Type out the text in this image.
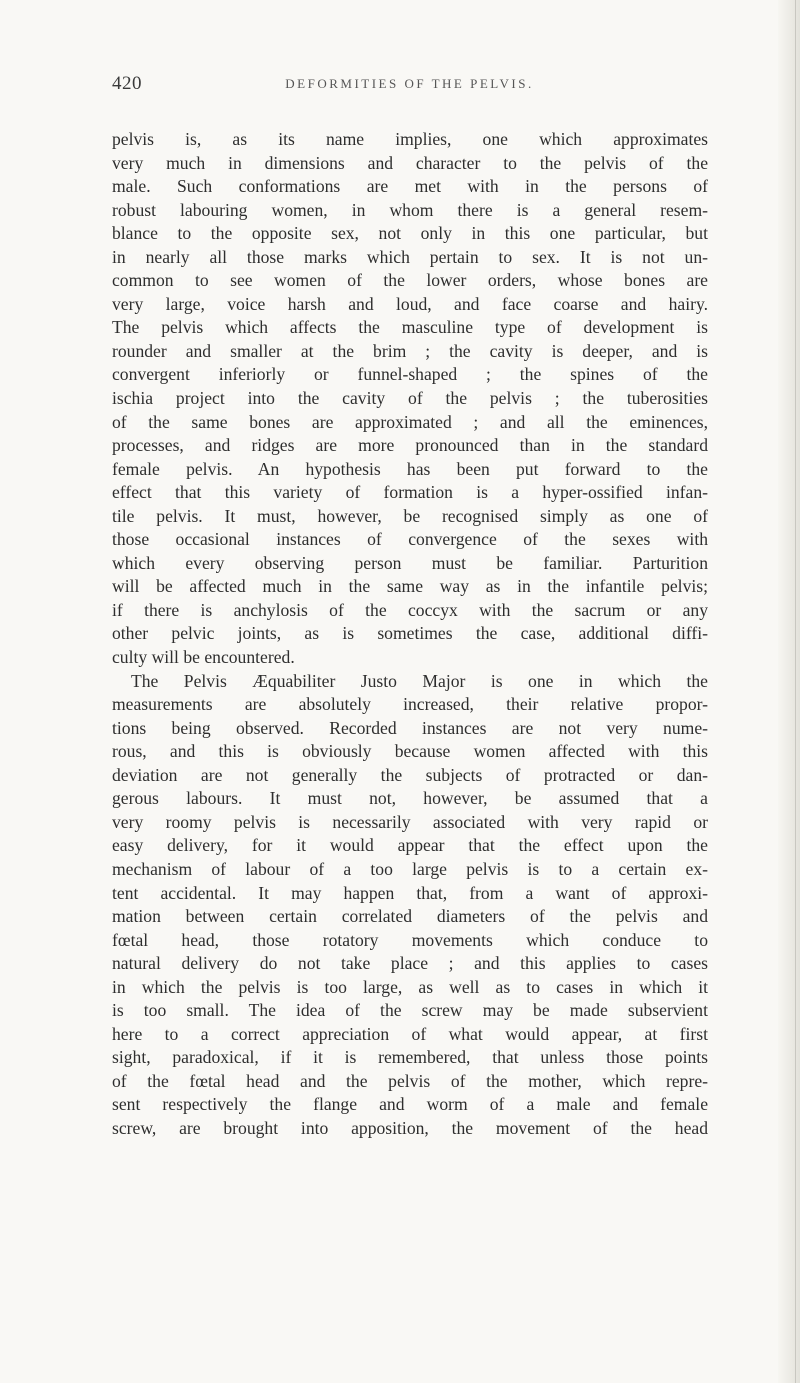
420	DEFORMITIES OF THE PELVIS.
pelvis is, as its name implies, one which approximates
very much in dimensions and character to the pelvis of the
male. Such conformations are met with in the persons of
robust labouring women, in whom there is a general resem-
blance to the opposite sex, not only in this one particular, but
in nearly all those marks which pertain to sex. It is not un-
common to see women of the lower orders, whose bones are
very large, voice harsh and loud, and face coarse and hairy.
The pelvis which affects the masculine type of development is
rounder and smaller at the brim ; the cavity is deeper, and is
convergent inferiorly or funnel-shaped ; the spines of the
ischia project into the cavity of the pelvis ; the tuberosities
of the same bones are approximated ; and all the eminences,
processes, and ridges are more pronounced than in the standard
female pelvis. An hypothesis has been put forward to the
effect that this variety of formation is a hyper-ossified infan-
tile pelvis. It must, however, be recognised simply as one of
those occasional instances of convergence of the sexes with
which every observing person must be familiar. Parturition
will be affected much in the same way as in the infantile pelvis;
if there is anchylosis of the coccyx with the sacrum or any
other pelvic joints, as is sometimes the case, additional diffi-
culty will be encountered.
The Pelvis Æquabiliter Justo Major is one in which the
measurements are absolutely increased, their relative propor-
tions being observed. Recorded instances are not very nume-
rous, and this is obviously because women affected with this
deviation are not generally the subjects of protracted or dan-
gerous labours. It must not, however, be assumed that a
very roomy pelvis is necessarily associated with very rapid or
easy delivery, for it would appear that the effect upon the
mechanism of labour of a too large pelvis is to a certain ex-
tent accidental. It may happen that, from a want of approxi-
mation between certain correlated diameters of the pelvis and
fœtal head, those rotatory movements which conduce to
natural delivery do not take place ; and this applies to cases
in which the pelvis is too large, as well as to cases in which it
is too small. The idea of the screw may be made subservient
here to a correct appreciation of what would appear, at first
sight, paradoxical, if it is remembered, that unless those points
of the fœtal head and the pelvis of the mother, which repre-
sent respectively the flange and worm of a male and female
screw, are brought into apposition, the movement of the head
